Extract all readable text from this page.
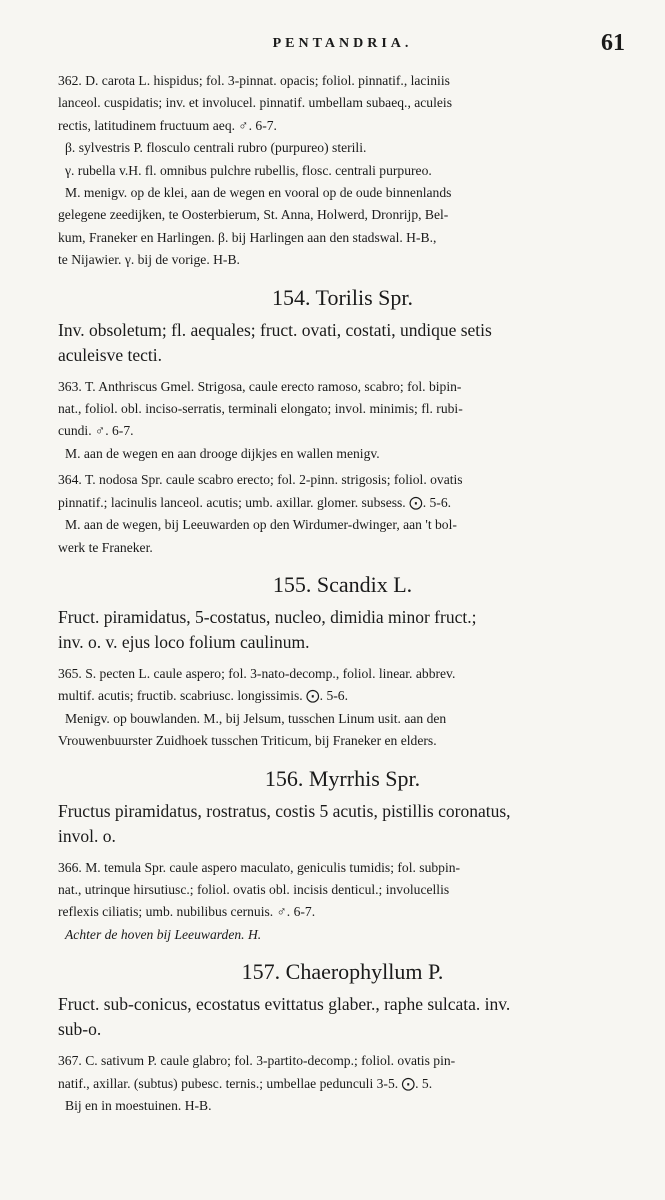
PENTANDRIA.	61
362. D. carota L. hispidus; fol. 3-pinnat. opacis; foliol. pinnatif., laciniis
lanceol. cuspidatis; inv. et involucel. pinnatif. umbellam subaeq., aculeis
rectis, latitudinem fructuum aeq. ♂. 6-7.
β. sylvestris P. flosculo centrali rubro (purpureo) sterili.
γ. rubella v.H. fl. omnibus pulchre rubellis, flosc. centrali purpureo.
M. menigv. op de klei, aan de wegen en vooral op de oude binnenlands
gelegene zeedijken, te Oosterbierum, St. Anna, Holwerd, Dronrijp, Bel-
kum, Franeker en Harlingen. β. bij Harlingen aan den stadswal. H-B.,
te Nijawier. γ. bij de vorige. H-B.
154. Torilis Spr.
Inv. obsoletum; fl. aequales; fruct. ovati, costati, undique setis
aculeisve tecti.
363. T. Anthriscus Gmel. Strigosa, caule erecto ramoso, scabro; fol. bipin-
nat., foliol. obl. inciso-serratis, terminali elongato; invol. minimis; fl. rubi-
cundi. ♂. 6-7.
M. aan de wegen en aan drooge dijkjes en wallen menigv.
364. T. nodosa Spr. caule scabro erecto; fol. 2-pinn. strigosis; foliol. ovatis
pinnatif.; lacinulis lanceol. acutis; umb. axillar. glomer. subsess. ⨀. 5-6.
M. aan de wegen, bij Leeuwarden op den Wirdumer-dwinger, aan 't bol-
werk te Franeker.
155. Scandix L.
Fruct. piramidatus, 5-costatus, nucleo, dimidia minor fruct.;
inv. o. v. ejus loco folium caulinum.
365. S. pecten L. caule aspero; fol. 3-nato-decomp., foliol. linear. abbrev.
multif. acutis; fructib. scabriusc. longissimis. ⨀. 5-6.
Menigv. op bouwlanden. M., bij Jelsum, tusschen Linum usit. aan den
Vrouwenbuurster Zuidhoek tusschen Triticum, bij Franeker en elders.
156. Myrrhis Spr.
Fructus piramidatus, rostratus, costis 5 acutis, pistillis coronatus,
invol. o.
366. M. temula Spr. caule aspero maculato, geniculis tumidis; fol. subpin-
nat., utrinque hirsutiusc.; foliol. ovatis obl. incisis denticul.; involucellis
reflexis ciliatis; umb. nubilibus cernuis. ♂. 6-7.
Achter de hoven bij Leeuwarden. H.
157. Chaerophyllum P.
Fruct. sub-conicus, ecostatus evittatus glaber., raphe sulcata. inv.
sub-o.
367. C. sativum P. caule glabro; fol. 3-partito-decomp.; foliol. ovatis pin-
natif., axillar. (subtus) pubesc. ternis.; umbellae pedunculi 3-5. ⨀. 5.
Bij en in moestuinen. H-B.
